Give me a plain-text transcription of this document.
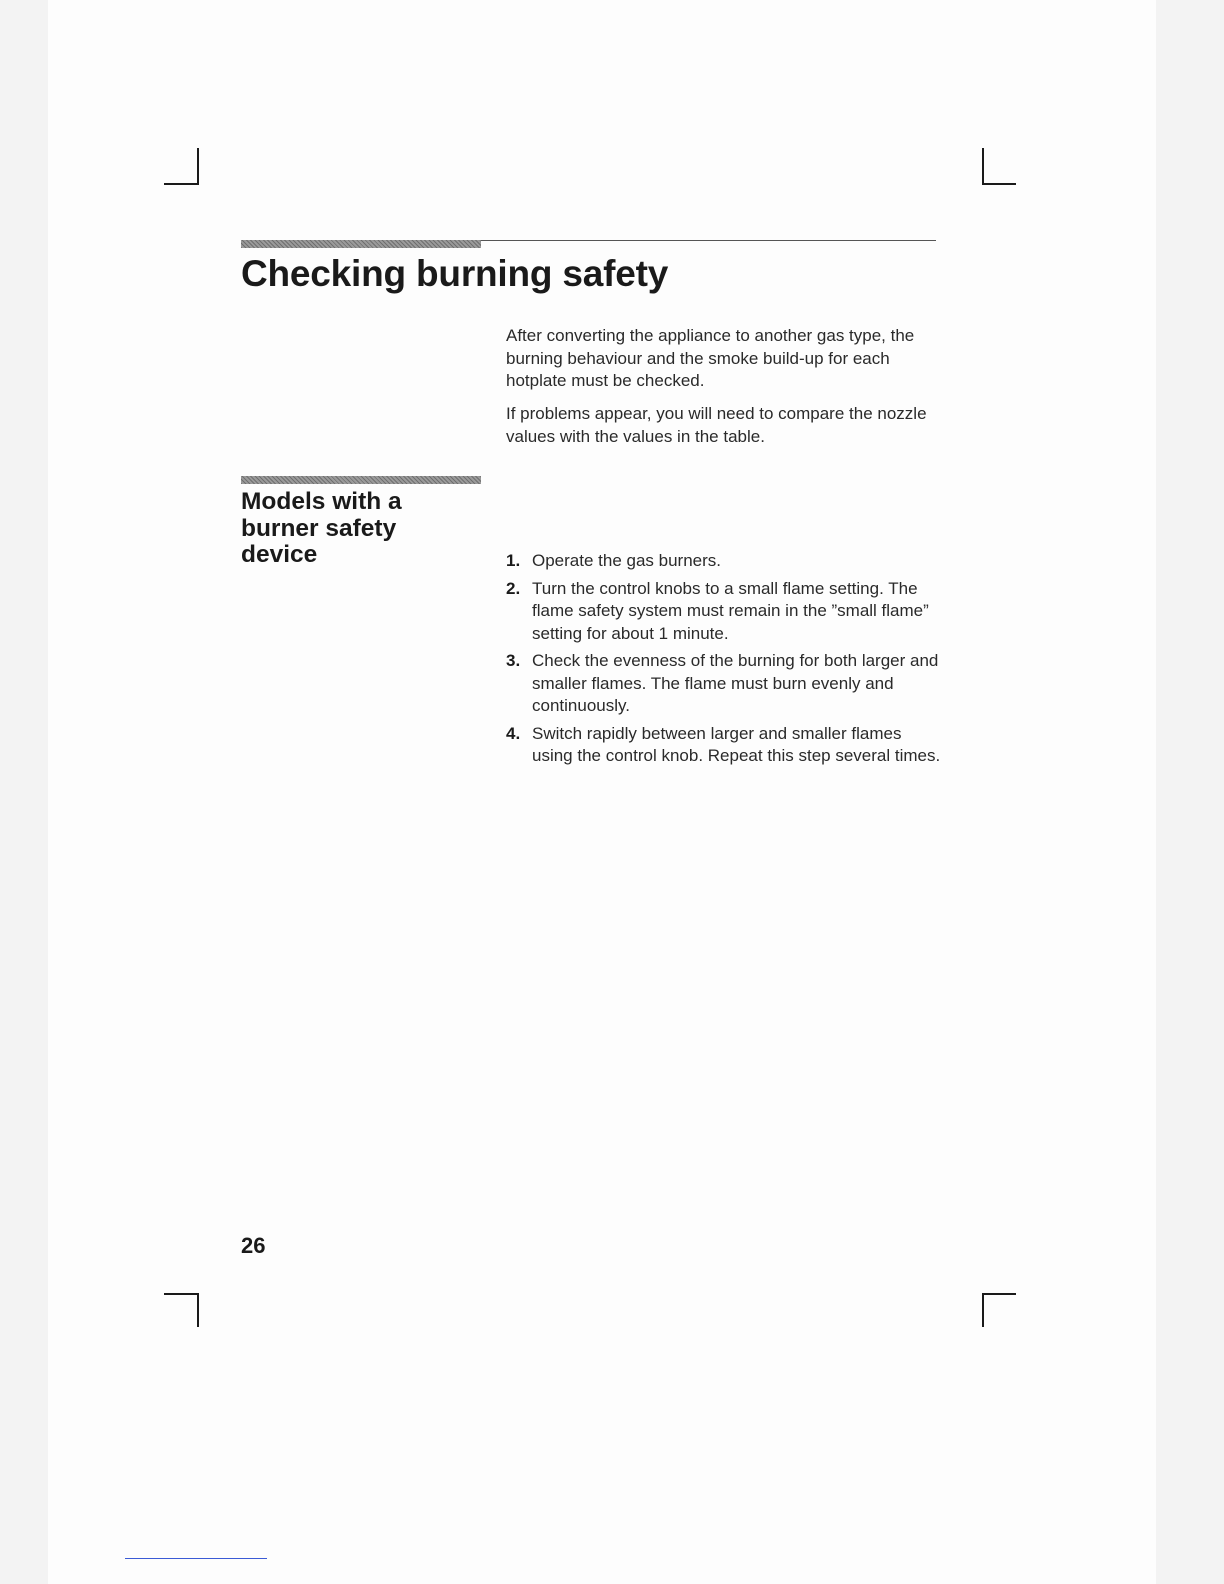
Checking burning safety

After converting the appliance to another gas type, the burning behaviour and the smoke build-up for each hotplate must be checked.

If problems appear, you will need to compare the nozzle values with the values in the table.

Models with a burner safety device	1. Operate the gas burners.
2. Turn the control knobs to a small flame setting. The flame safety system must remain in the ”small flame” setting for about 1 minute.
3. Check the evenness of the burning for both larger and smaller flames. The flame must burn evenly and continuously.
4. Switch rapidly between larger and smaller flames using the control knob. Repeat this step several times.
26
